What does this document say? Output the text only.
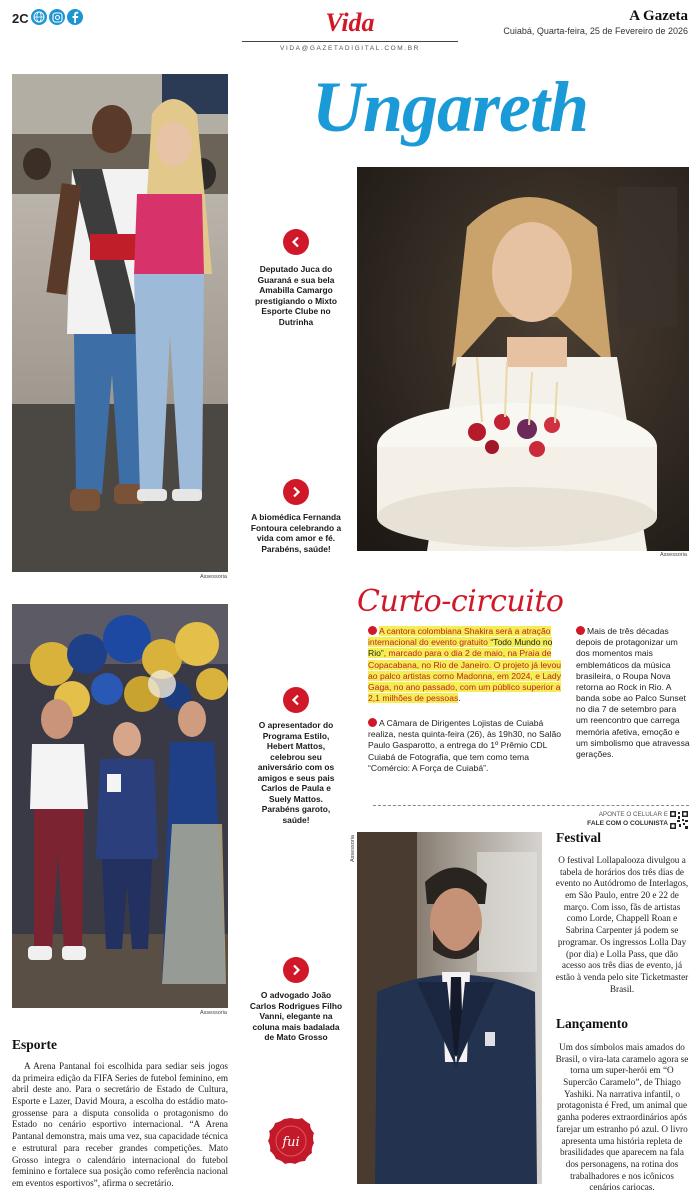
2C	Vida
VIDA@GAZETADIGITAL.COM.BR
A Gazeta
Cuiabá, Quarta-feira, 25 de Fevereiro de 2026
Ungareth
Assessoria
Assessoria
Assessoria
Assessoria
Deputado Juca do Guaraná e sua bela Amabilla Camargo prestigiando o Mixto Esporte Clube no Dutrinha
A biomédica Fernanda Fontoura celebrando a vida com amor e fé. Parabéns, saúde!
O apresentador do Programa Estilo, Hebert Mattos, celebrou seu aniversário com os amigos e seus pais Carlos de Paula e Suely Mattos. Parabéns garoto, saúde!
O advogado João Carlos Rodrigues Filho Vanni, elegante na coluna mais badalada de Mato Grosso
Curto-circuito
A cantora colombiana Shakira será a atração internacional do evento gratuito “Todo Mundo no Rio”, marcado para o dia 2 de maio, na Praia de Copacabana, no Rio de Janeiro. O projeto já levou ao palco artistas como Madonna, em 2024, e Lady Gaga, no ano passado, com um público superior a 2,1 milhões de pessoas.
A Câmara de Dirigentes Lojistas de Cuiabá realiza, nesta quinta-feira (26), às 19h30, no Salão Paulo Gasparotto, a entrega do 1º Prêmio CDL Cuiabá de Fotografia, que tem como tema “Comércio: A Força de Cuiabá”.
Mais de três décadas depois de protagonizar um dos momentos mais emblemáticos da música brasileira, o Roupa Nova retorna ao Rock in Rio. A banda sobe ao Palco Sunset no dia 7 de setembro para um reencontro que carrega memória afetiva, emoção e um simbolismo que atravessa gerações.
APONTE O CELULAR E
FALE COM O COLUNISTA
Esporte
A Arena Pantanal foi escolhida para sediar seis jogos da primeira edição da FIFA Series de futebol feminino, em abril deste ano. Para o secretário de Estado de Cultura, Esporte e Lazer, David Moura, a escolha do estádio mato-grossense para a disputa consolida o protagonismo do Estado no cenário esportivo internacional. “A Arena Pantanal demonstra, mais uma vez, sua capacidade técnica e estrutural para receber grandes competições. Mato Grosso integra o calendário internacional do futebol feminino e fortalece sua posição como referência nacional em eventos esportivos”, afirma o secretário.
Festival
O festival Lollapalooza divulgou a tabela de horários dos três dias de evento no Autódromo de Interlagos, em São Paulo, entre 20 e 22 de março. Com isso, fãs de artistas como Lorde, Chappell Roan e Sabrina Carpenter já podem se programar. Os ingressos Lolla Day (por dia) e Lolla Pass, que dão acesso aos três dias de evento, já estão à venda pelo site Ticketmaster Brasil.
Lançamento
Um dos símbolos mais amados do Brasil, o vira-lata caramelo agora se torna um super-herói em “O Supercão Caramelo”, de Thiago Yashiki. Na narrativa infantil, o protagonista é Fred, um animal que ganha poderes extraordinários após farejar um estranho pó azul. O livro apresenta uma história repleta de brasilidades que aparecem na fala dos personagens, na rotina dos trabalhadores e nos icônicos cenários cariocas.
fui
